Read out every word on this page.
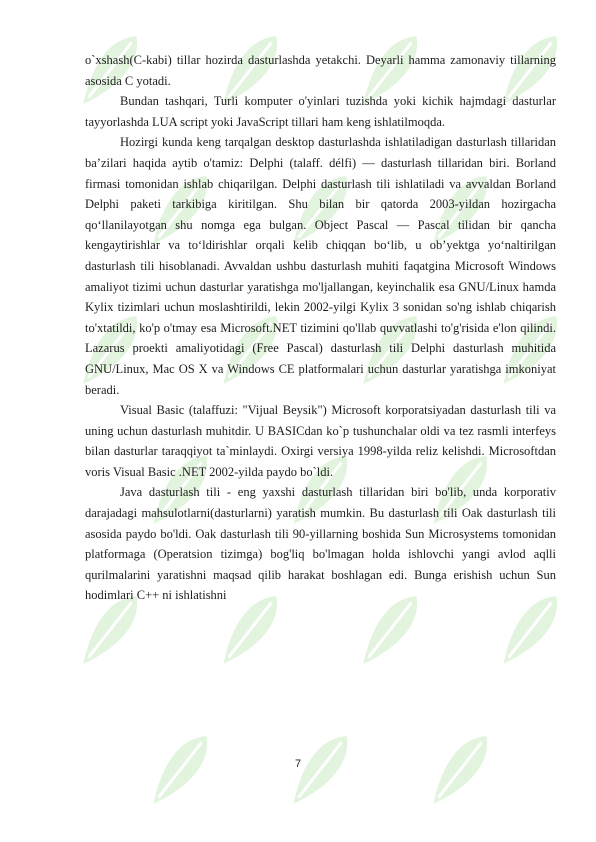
o`xshash(C-kabi) tillar hozirda dasturlashda yetakchi. Deyarli hamma zamonaviy tillarning asosida C yotadi.

Bundan tashqari, Turli komputer o'yinlari tuzishda yoki kichik hajmdagi dasturlar tayyorlashda LUA script yoki JavaScript tillari ham keng ishlatilmoqda.

Hozirgi kunda keng tarqalgan desktop dasturlashda ishlatiladigan dasturlash tillaridan ba’zilari haqida aytib o'tamiz: Delphi (talaff. délfi) — dasturlash tillaridan biri. Borland firmasi tomonidan ishlab chiqarilgan. Delphi dasturlash tili ishlatiladi va avvaldan Borland Delphi paketi tarkibiga kiritilgan. Shu bilan bir qatorda 2003-yildan hozirgacha qo‘llanilayotgan shu nomga ega bulgan. Object Pascal — Pascal tilidan bir qancha kengaytirishlar va to‘ldirishlar orqali kelib chiqqan bo‘lib, u ob’yektga yo‘naltirilgan dasturlash tili hisoblanadi. Avvaldan ushbu dasturlash muhiti faqatgina Microsoft Windows amaliyot tizimi uchun dasturlar yaratishga mo'ljallangan, keyinchalik esa GNU/Linux hamda Kylix tizimlari uchun moslashtirildi, lekin 2002-yilgi Kylix 3 sonidan so'ng ishlab chiqarish to'xtatildi, ko'p o'tmay esa Microsoft.NET tizimini qo'llab quvvatlashi to'g'risida e'lon qilindi. Lazarus proekti amaliyotidagi (Free Pascal) dasturlash tili Delphi dasturlash muhitida GNU/Linux, Mac OS X va Windows CE platformalari uchun dasturlar yaratishga imkoniyat beradi.

Visual Basic (talaffuzi: "Vijual Beysik") Microsoft korporatsiyadan dasturlash tili va uning uchun dasturlash muhitdir. U BASICdan ko`p tushunchalar oldi va tez rasmli interfeys bilan dasturlar taraqqiyot ta`minlaydi. Oxirgi versiya 1998-yilda reliz kelishdi. Microsoftdan voris Visual Basic .NET 2002-yilda paydo bo`ldi.

Java dasturlash tili - eng yaxshi dasturlash tillaridan biri bo'lib, unda korporativ darajadagi mahsulotlarni(dasturlarni) yaratish mumkin. Bu dasturlash tili Oak dasturlash tili asosida paydo bo'ldi. Oak dasturlash tili 90-yillarning boshida Sun Microsystems tomonidan platformaga (Operatsion tizimga) bog'liq bo'lmagan holda ishlovchi yangi avlod aqlli qurilmalarini yaratishni maqsad qilib harakat boshlagan edi. Bunga erishish uchun Sun hodimlari C++ ni ishlatishni

7
